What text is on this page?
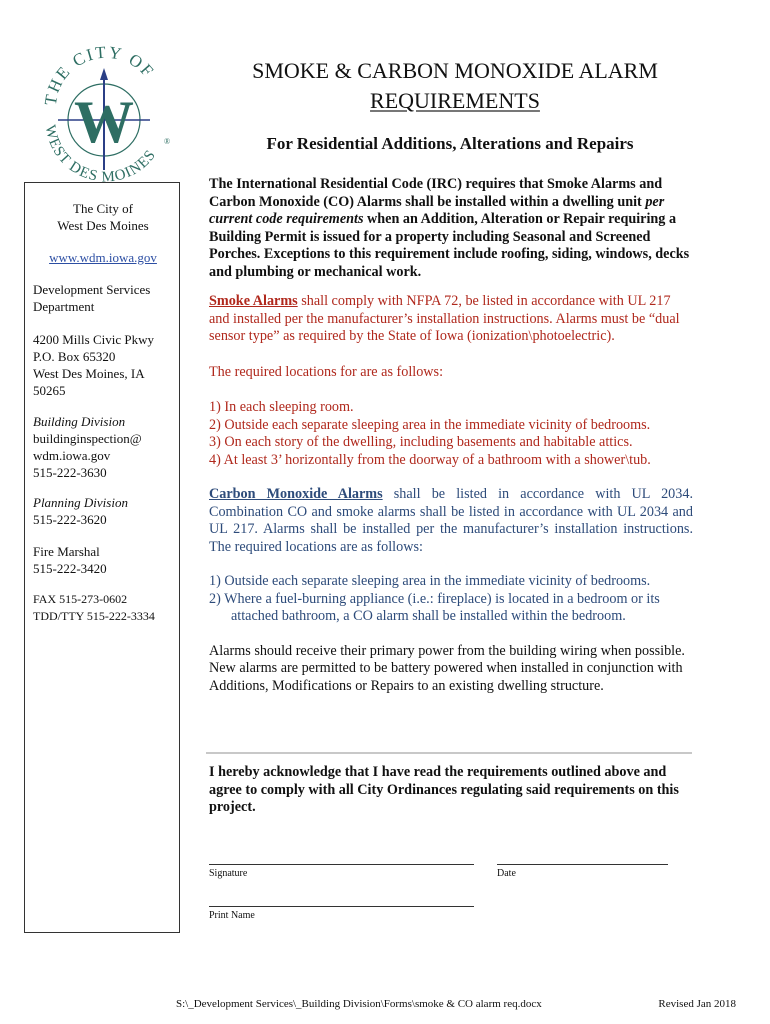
THE CITY OF
WEST DES MOINES
W	®
SMOKE & CARBON MONOXIDE ALARM
REQUIREMENTS
For Residential Additions, Alterations and Repairs
The City of
West Des Moines
www.wdm.iowa.gov
Development Services
Department
4200 Mills Civic Pkwy
P.O. Box 65320
West Des Moines, IA
50265
Building Division
buildinginspection@
wdm.iowa.gov
515-222-3630
Planning Division
515-222-3620
Fire Marshal
515-222-3420
FAX 515-273-0602
TDD/TTY 515-222-3334

The International Residential Code (IRC) requires that Smoke Alarms and Carbon Monoxide (CO) Alarms shall be installed within a dwelling unit per current code requirements when an Addition, Alteration or Repair requiring a Building Permit is issued for a property including Seasonal and Screened Porches. Exceptions to this requirement include roofing, siding, windows, decks and plumbing or mechanical work.

Smoke Alarms shall comply with NFPA 72, be listed in accordance with UL 217 and installed per the manufacturer’s installation instructions. Alarms must be “dual sensor type” as required by the State of Iowa (ionization\photoelectric).

The required locations for are as follows:

1) In each sleeping room.
2) Outside each separate sleeping area in the immediate vicinity of bedrooms.
3) On each story of the dwelling, including basements and habitable attics.
4) At least 3’ horizontally from the doorway of a bathroom with a shower\tub.

Carbon Monoxide Alarms shall be listed in accordance with UL 2034. Combination CO and smoke alarms shall be listed in accordance with UL 2034 and UL 217. Alarms shall be installed per the manufacturer’s installation instructions. The required locations are as follows:

1) Outside each separate sleeping area in the immediate vicinity of bedrooms.
2) Where a fuel-burning appliance (i.e.: fireplace) is located in a bedroom or its
attached bathroom, a CO alarm shall be installed within the bedroom.

Alarms should receive their primary power from the building wiring when possible. New alarms are permitted to be battery powered when installed in conjunction with Additions, Modifications or Repairs to an existing dwelling structure.

I hereby acknowledge that I have read the requirements outlined above and agree to comply with all City Ordinances regulating said requirements on this project.

Signature	Date
Print Name
S:\_Development Services\_Building Division\Forms\smoke & CO alarm req.docx	Revised Jan 2018
